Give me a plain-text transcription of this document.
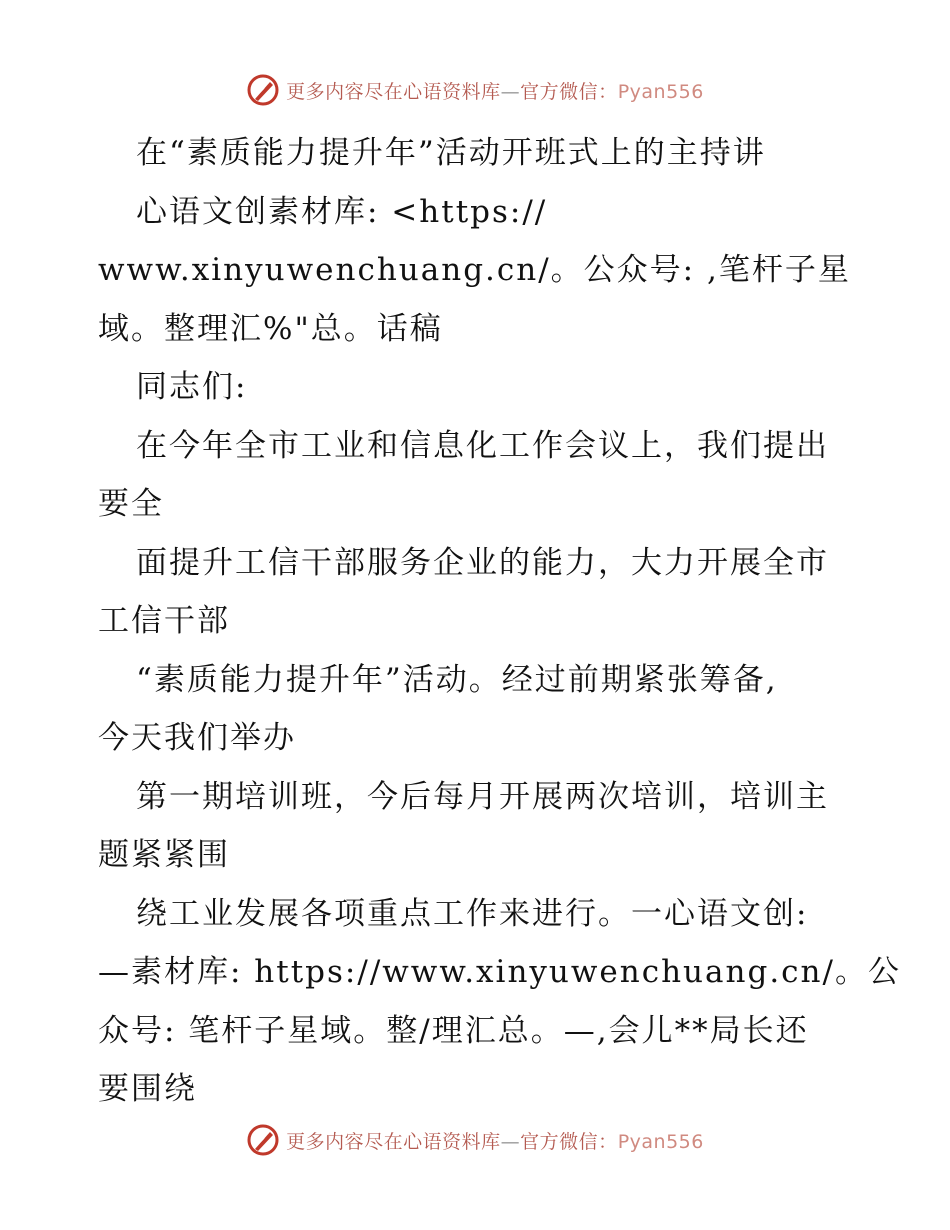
更多内容尽在心语资料库—官方微信：Pyan556
在“素质能力提升年”活动开班式上的主持讲
心语文创素材库: <https://
www.xinyuwenchuang.cn/。公众号: ,笔杆子星
域。整理汇%"总。话稿
同志们:
在今年全市工业和信息化工作会议上，我们提出
要全
面提升工信干部服务企业的能力，大力开展全市
工信干部
“素质能力提升年”活动。经过前期紧张筹备,
今天我们举办
第一期培训班，今后每月开展两次培训，培训主
题紧紧围
绕工业发展各项重点工作来进行。一心语文创:
—素材库: https://www.xinyuwenchuang.cn/。公
众号: 笔杆子星域。整/理汇总。—,会儿**局长还
要围绕
更多内容尽在心语资料库—官方微信：Pyan556
